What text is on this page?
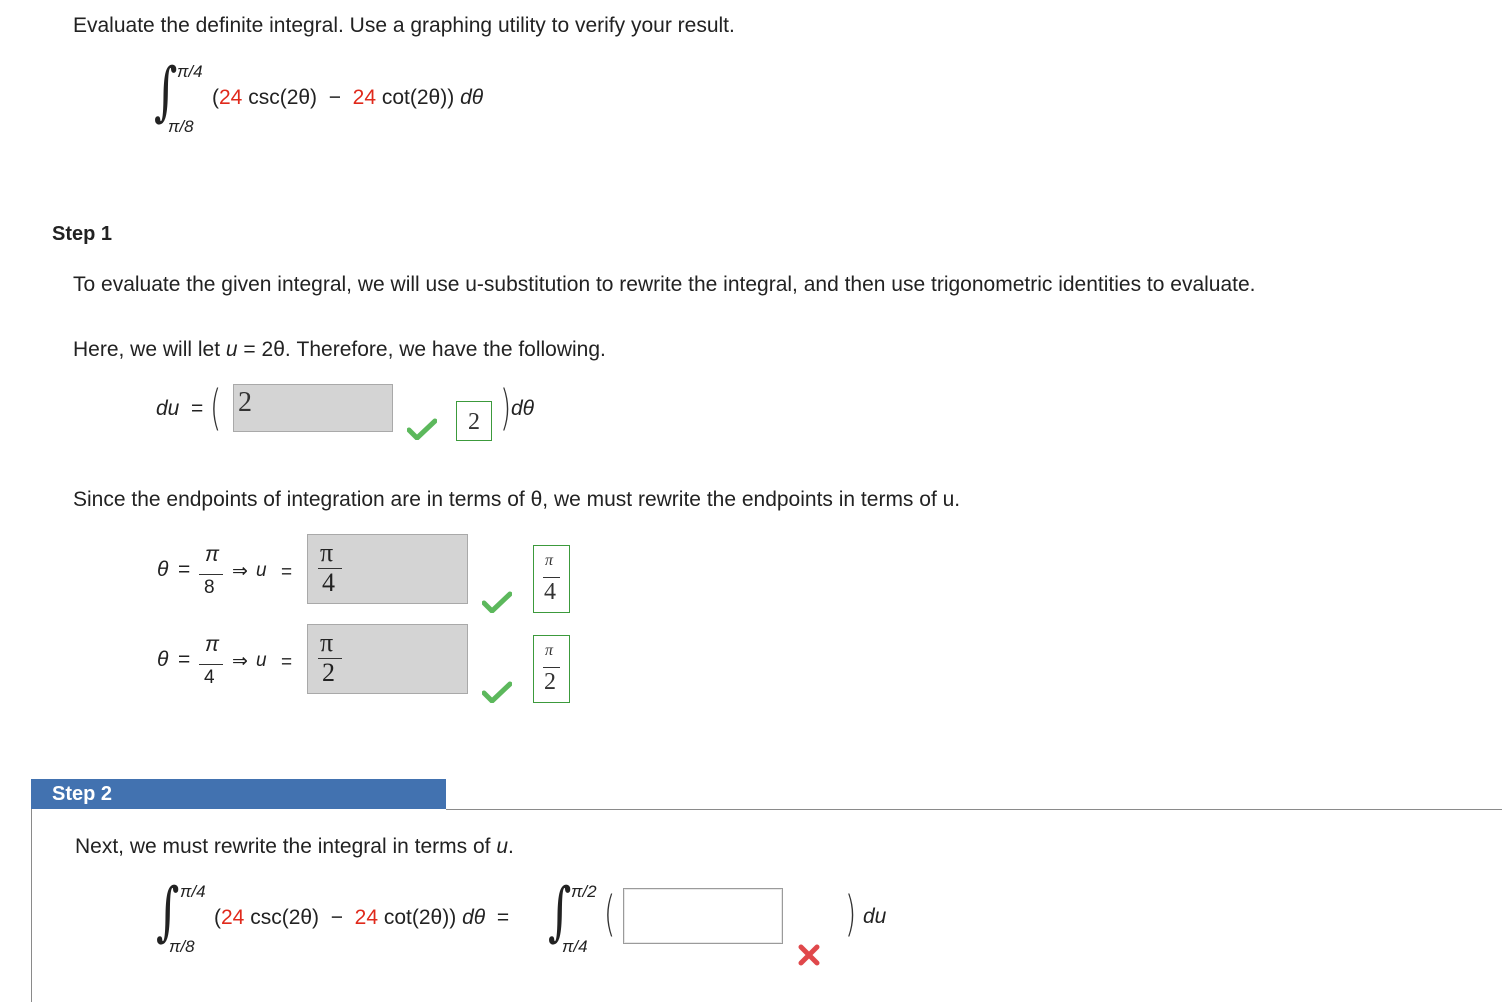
Evaluate the definite integral. Use a graphing utility to verify your result.
∫ π/4
π/8
(24 csc(2θ) − 24 cot(2θ)) dθ
Step 1
To evaluate the given integral, we will use u-substitution to rewrite the integral, and then use trigonometric identities to evaluate.
Here, we will let u = 2θ. Therefore, we have the following.
du = ( 2
2 ) dθ
Since the endpoints of integration are in terms of θ, we must rewrite the endpoints in terms of u.
θ =
π
8
⇒ u =
π
4
π
4
θ =
π
4
⇒ u =
π
2
π
2
Step 2
Next, we must rewrite the integral in terms of u.
∫ π/4
π/8
(24 csc(2θ) − 24 cot(2θ)) dθ = ∫ π/2
π/4
(	) du
